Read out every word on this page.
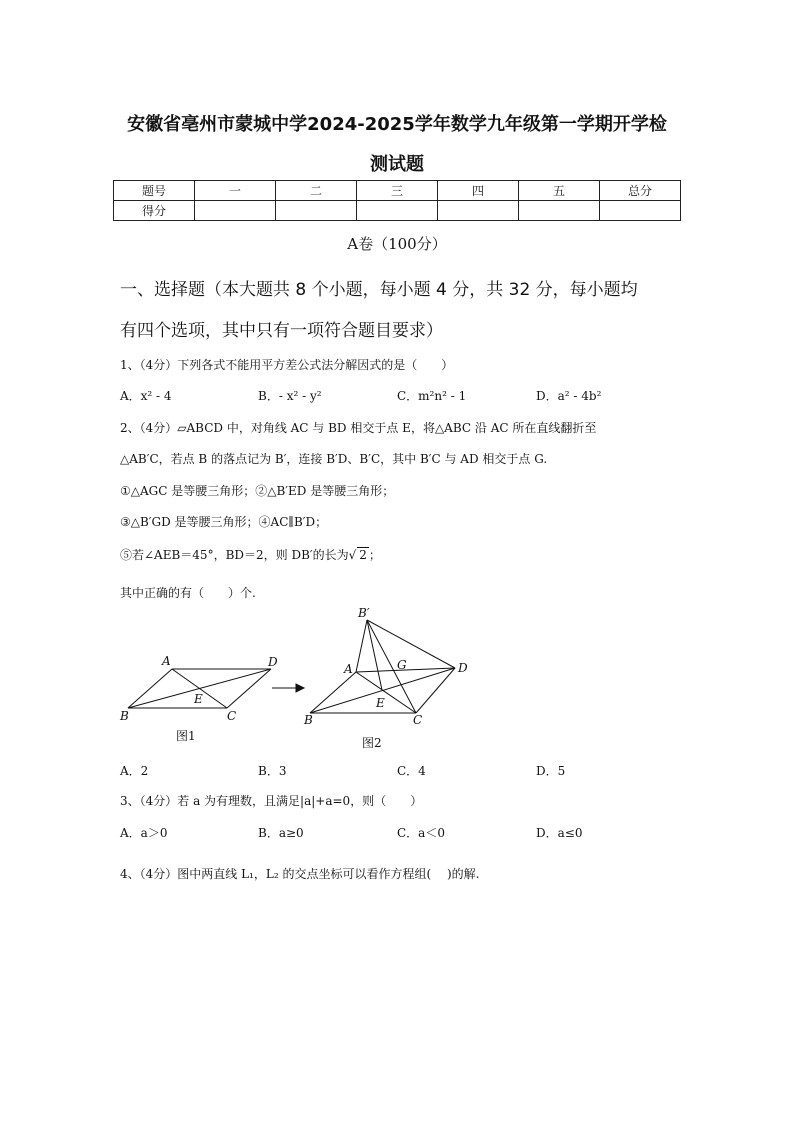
安徽省亳州市蒙城中学2024-2025学年数学九年级第一学期开学检
测试题
题号	一	二	三	四	五	总分
得分						
A卷（100分）
一、选择题（本大题共 8 个小题，每小题 4 分，共 32 分，每小题均
有四个选项，其中只有一项符合题目要求）
1、（4分）下列各式不能用平方差公式法分解因式的是（　　）
A．x² - 4	B．- x² - y²	C．m²n² - 1	D．a² - 4b²
2、（4分）▱ABCD 中，对角线 AC 与 BD 相交于点 E，将△ABC 沿 AC 所在直线翻折至
△AB′C，若点 B 的落点记为 B′，连接 B′D、B′C，其中 B′C 与 AD 相交于点 G.
①△AGC 是等腰三角形；②△B′ED 是等腰三角形；
③△B′GD 是等腰三角形；④AC∥B′D；
⑤若∠AEB＝45°，BD＝2，则 DB′的长为√ 2 ；
其中正确的有（　　）个.
A	D
B	C
E
图1
B′
A	G	D
E
B	C
图2
A．2	B．3	C．4	D．5
3、（4分）若 a 为有理数，且满足|a|+a=0，则（　　）
A．a＞0	B．a≥0	C．a＜0	D．a≤0
4、（4分）图中两直线 L₁，L₂ 的交点坐标可以看作方程组(　 )的解.
